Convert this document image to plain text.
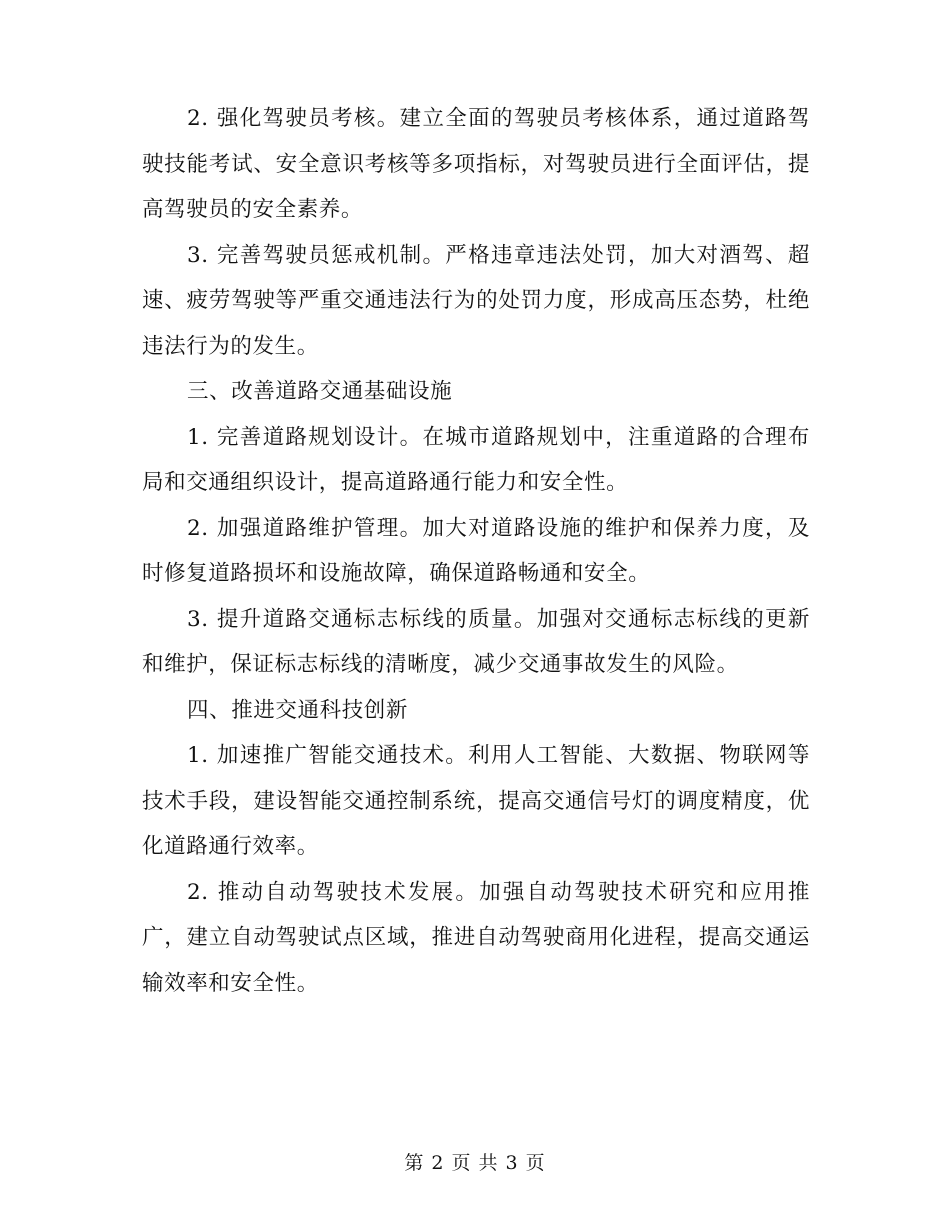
2. 强化驾驶员考核。建立全面的驾驶员考核体系，通过道路驾驶技能考试、安全意识考核等多项指标，对驾驶员进行全面评估，提高驾驶员的安全素养。

3. 完善驾驶员惩戒机制。严格违章违法处罚，加大对酒驾、超速、疲劳驾驶等严重交通违法行为的处罚力度，形成高压态势，杜绝违法行为的发生。

三、改善道路交通基础设施

1. 完善道路规划设计。在城市道路规划中，注重道路的合理布局和交通组织设计，提高道路通行能力和安全性。

2. 加强道路维护管理。加大对道路设施的维护和保养力度，及时修复道路损坏和设施故障，确保道路畅通和安全。

3. 提升道路交通标志标线的质量。加强对交通标志标线的更新和维护，保证标志标线的清晰度，减少交通事故发生的风险。

四、推进交通科技创新

1. 加速推广智能交通技术。利用人工智能、大数据、物联网等技术手段，建设智能交通控制系统，提高交通信号灯的调度精度，优化道路通行效率。

2. 推动自动驾驶技术发展。加强自动驾驶技术研究和应用推广，建立自动驾驶试点区域，推进自动驾驶商用化进程，提高交通运输效率和安全性。

第 2 页 共 3 页
